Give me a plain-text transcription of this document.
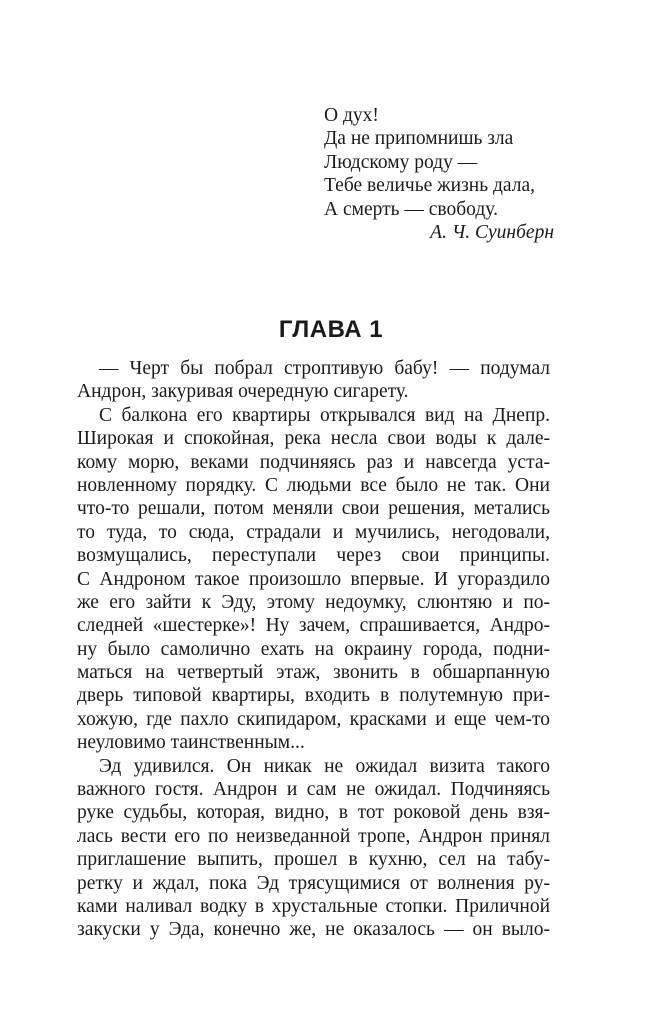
О дух!
Да не припомнишь зла
Людскому роду —
Тебе величье жизнь дала,
А смерть — свободу.
А. Ч. Суинберн
ГЛАВА 1
— Черт бы побрал строптивую бабу! — подумал
Андрон, закуривая очередную сигарету.
С балкона его квартиры открывался вид на Днепр.
Широкая и спокойная, река несла свои воды к дале-
кому морю, веками подчиняясь раз и навсегда уста-
новленному порядку. С людьми все было не так. Они
что-то решали, потом меняли свои решения, метались
то туда, то сюда, страдали и мучились, негодовали,
возмущались, переступали через свои принципы.
С Андроном такое произошло впервые. И угораздило
же его зайти к Эду, этому недоумку, слюнтяю и по-
следней «шестерке»! Ну зачем, спрашивается, Андро-
ну было самолично ехать на окраину города, подни-
маться на четвертый этаж, звонить в обшарпанную
дверь типовой квартиры, входить в полутемную при-
хожую, где пахло скипидаром, красками и еще чем-то
неуловимо таинственным...
Эд удивился. Он никак не ожидал визита такого
важного гостя. Андрон и сам не ожидал. Подчиняясь
руке судьбы, которая, видно, в тот роковой день взя-
лась вести его по неизведанной тропе, Андрон принял
приглашение выпить, прошел в кухню, сел на табу-
ретку и ждал, пока Эд трясущимися от волнения ру-
ками наливал водку в хрустальные стопки. Приличной
закуски у Эда, конечно же, не оказалось — он выло-
